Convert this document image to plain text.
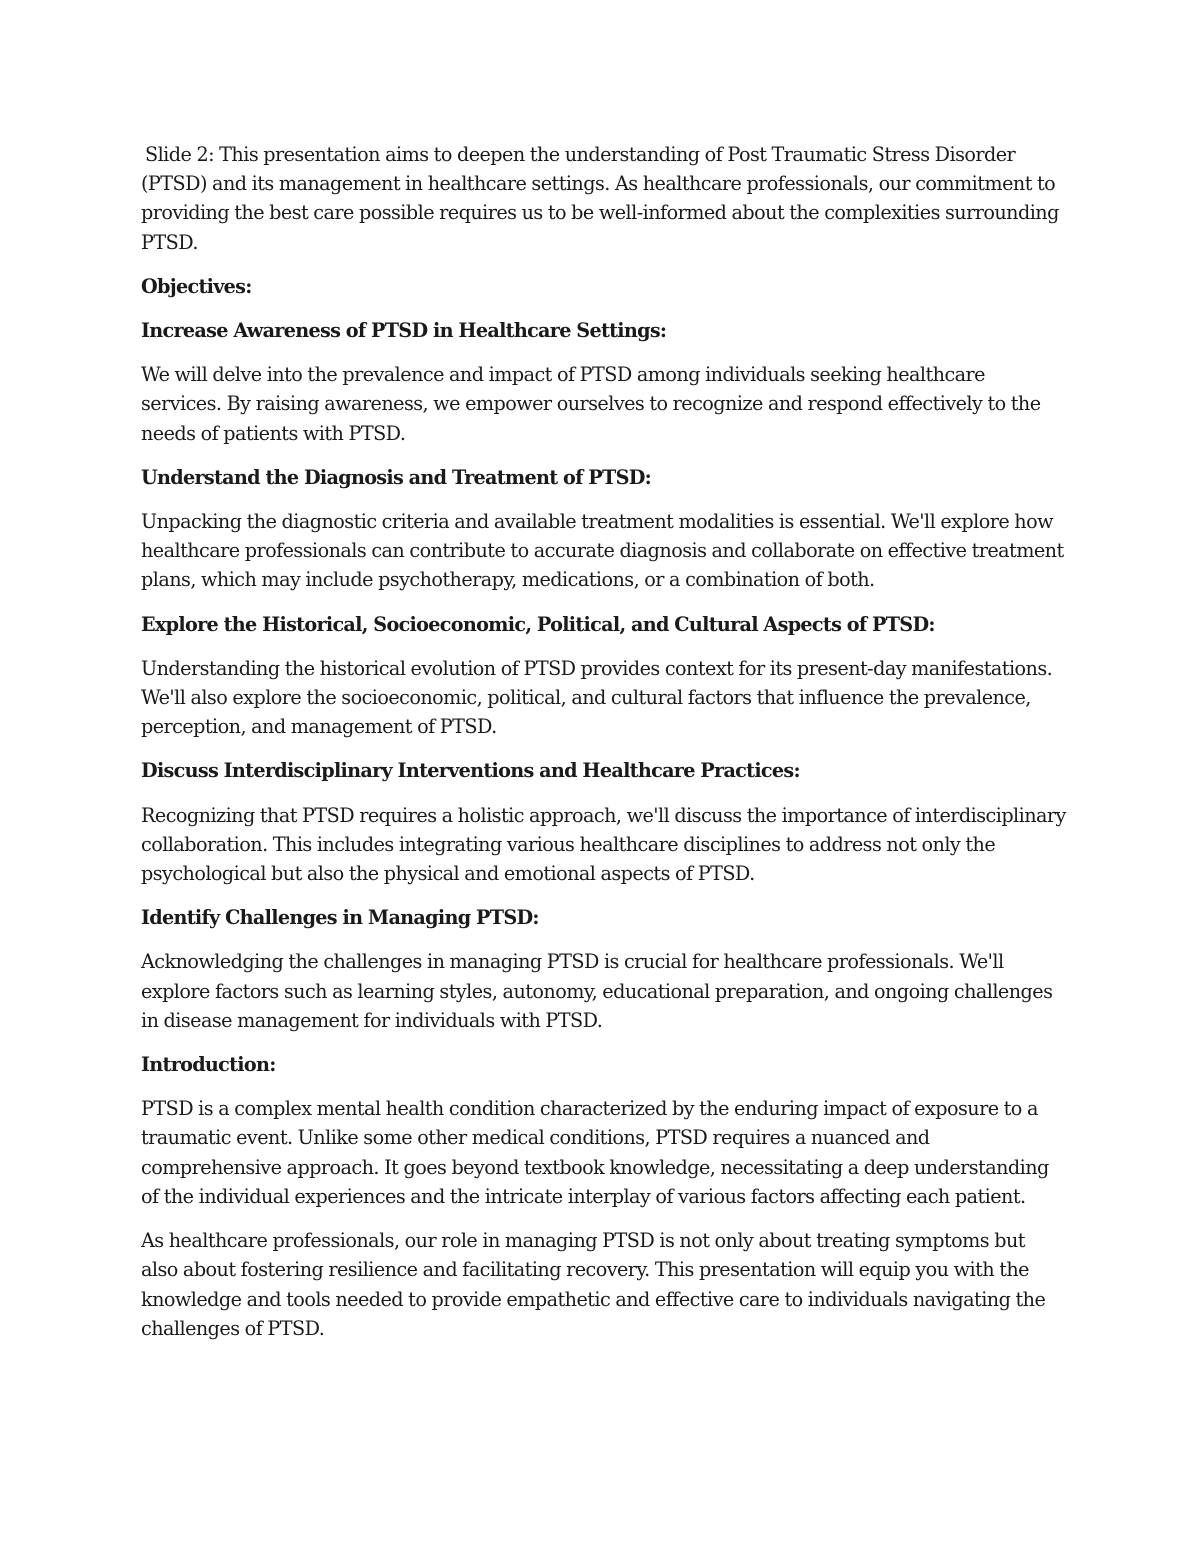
Slide 2: This presentation aims to deepen the understanding of Post Traumatic Stress Disorder (PTSD) and its management in healthcare settings. As healthcare professionals, our commitment to providing the best care possible requires us to be well-informed about the complexities surrounding PTSD.

Objectives:

Increase Awareness of PTSD in Healthcare Settings:

We will delve into the prevalence and impact of PTSD among individuals seeking healthcare services. By raising awareness, we empower ourselves to recognize and respond effectively to the needs of patients with PTSD.

Understand the Diagnosis and Treatment of PTSD:

Unpacking the diagnostic criteria and available treatment modalities is essential. We'll explore how healthcare professionals can contribute to accurate diagnosis and collaborate on effective treatment plans, which may include psychotherapy, medications, or a combination of both.

Explore the Historical, Socioeconomic, Political, and Cultural Aspects of PTSD:

Understanding the historical evolution of PTSD provides context for its present-day manifestations. We'll also explore the socioeconomic, political, and cultural factors that influence the prevalence, perception, and management of PTSD.

Discuss Interdisciplinary Interventions and Healthcare Practices:

Recognizing that PTSD requires a holistic approach, we'll discuss the importance of interdisciplinary collaboration. This includes integrating various healthcare disciplines to address not only the psychological but also the physical and emotional aspects of PTSD.

Identify Challenges in Managing PTSD:

Acknowledging the challenges in managing PTSD is crucial for healthcare professionals. We'll explore factors such as learning styles, autonomy, educational preparation, and ongoing challenges in disease management for individuals with PTSD.

Introduction:

PTSD is a complex mental health condition characterized by the enduring impact of exposure to a traumatic event. Unlike some other medical conditions, PTSD requires a nuanced and comprehensive approach. It goes beyond textbook knowledge, necessitating a deep understanding of the individual experiences and the intricate interplay of various factors affecting each patient.

As healthcare professionals, our role in managing PTSD is not only about treating symptoms but also about fostering resilience and facilitating recovery. This presentation will equip you with the knowledge and tools needed to provide empathetic and effective care to individuals navigating the challenges of PTSD.
